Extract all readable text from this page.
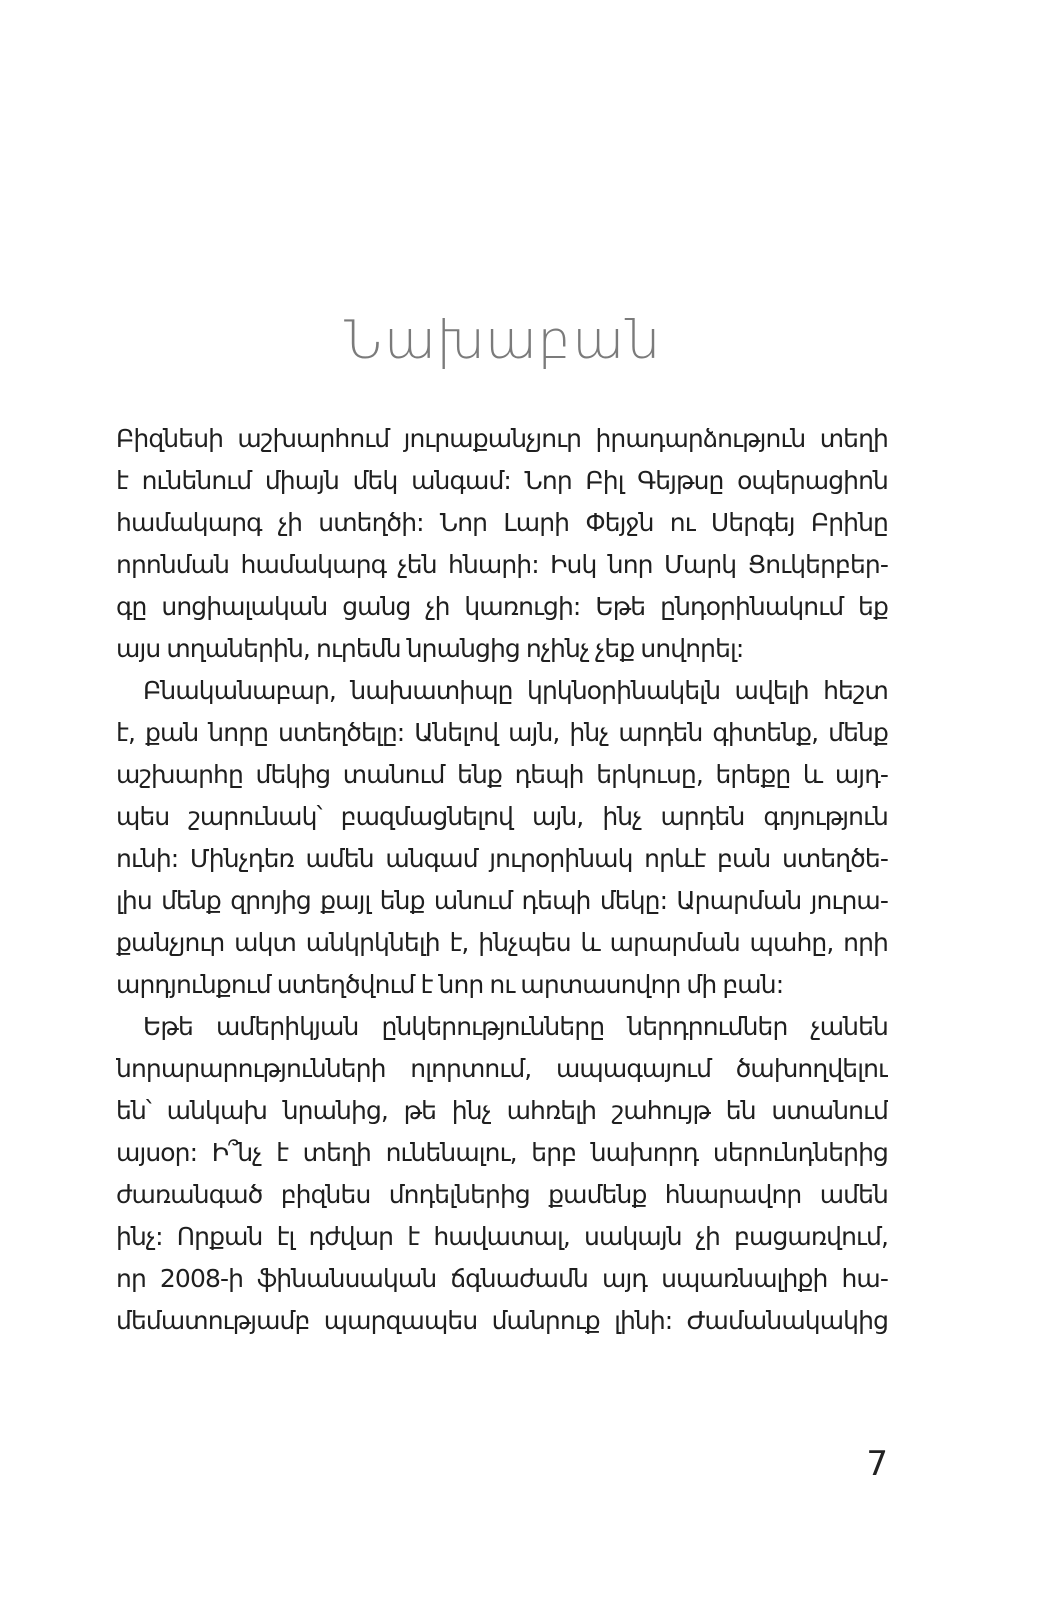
Նախաբան
Բիզնեսի աշխարհում յուրաքանչյուր իրադարձություն տեղի
է ունենում միայն մեկ անգամ: Նոր Բիլ Գեյթսը օպերացիոն
համակարգ չի ստեղծի: Նոր Լարի Փեյջն ու Սերգեյ Բրինը
որոնման համակարգ չեն հնարի: Իսկ նոր Մարկ Ցուկերբեր-
գը սոցիալական ցանց չի կառուցի: Եթե ընդօրինակում եք
այս տղաներին, ուրեմն նրանցից ոչինչ չեք սովորել:
Բնականաբար, նախատիպը կրկնօրինակելն ավելի հեշտ
է, քան նորը ստեղծելը: Անելով այն, ինչ արդեն գիտենք, մենք
աշխարհը մեկից տանում ենք դեպի երկուսը, երեքը և այդ-
պես շարունակ՝ բազմացնելով այն, ինչ արդեն գոյություն
ունի: Մինչդեռ ամեն անգամ յուրօրինակ որևէ բան ստեղծե-
լիս մենք զրոյից քայլ ենք անում դեպի մեկը: Արարման յուրա-
քանչյուր ակտ անկրկնելի է, ինչպես և արարման պահը, որի
արդյունքում ստեղծվում է նոր ու արտասովոր մի բան:
Եթե ամերիկյան ընկերությունները ներդրումներ չանեն
նորարարությունների ոլորտում, ապագայում ծախողվելու
են՝ անկախ նրանից, թե ինչ ահռելի շահույթ են ստանում
այսօր: Ի՞նչ է տեղի ունենալու, երբ նախորդ սերունդներից
ժառանգած բիզնես մոդելներից քամենք հնարավոր ամեն
ինչ: Որքան էլ դժվար է հավատալ, սակայն չի բացառվում,
որ 2008-ի ֆինանսական ճգնաժամն այդ սպառնալիքի հա-
մեմատությամբ պարզապես մանրուք լինի: Ժամանակակից
7
